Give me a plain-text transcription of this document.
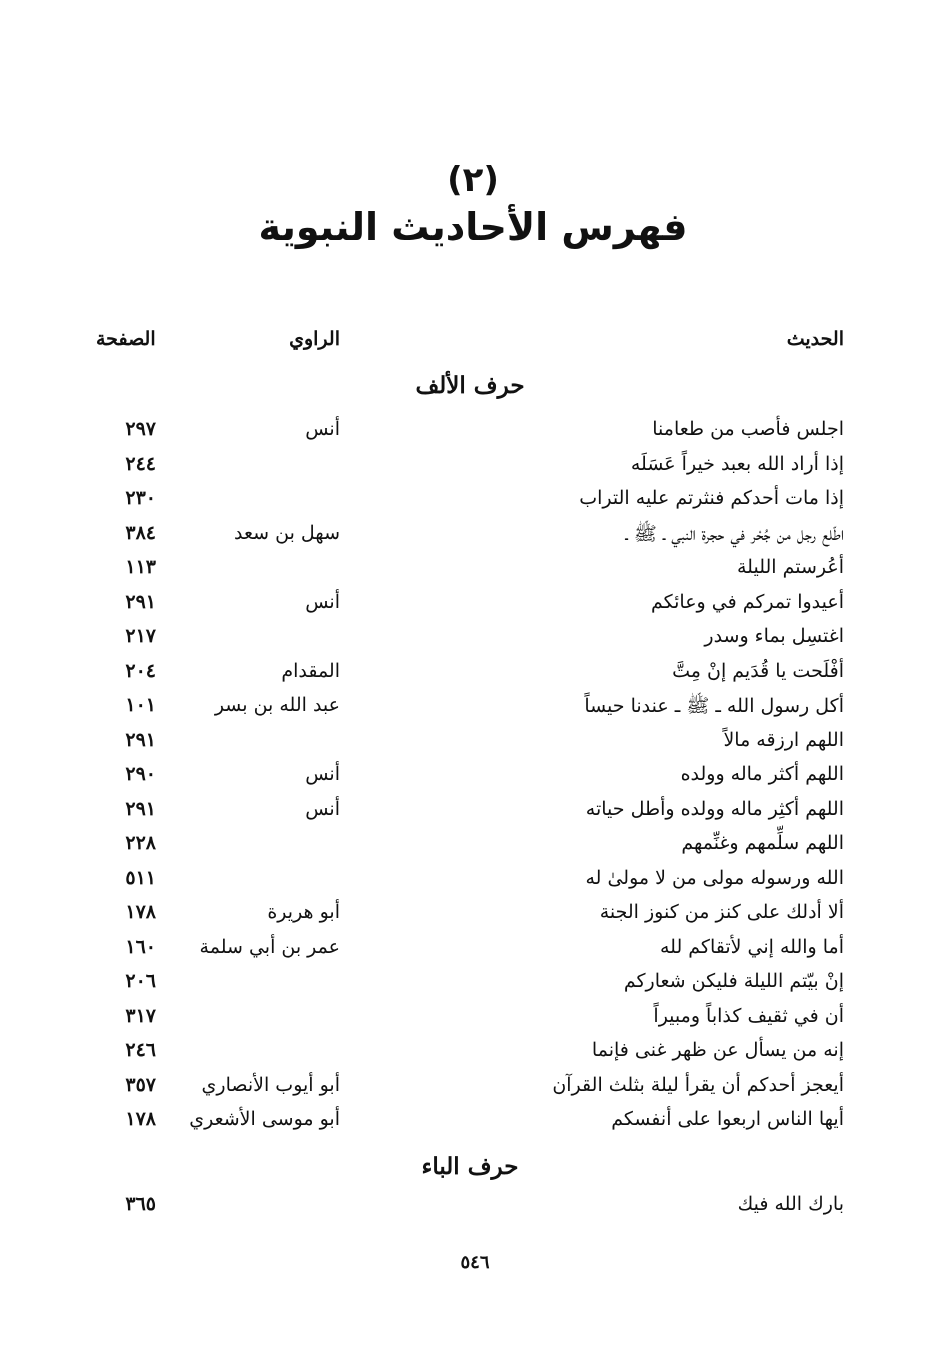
(٢)
فهرس الأحاديث النبوية
الحديث
الراوي
الصفحة
حرف الألف
اجلس فأصب من طعامنا
أنس
٢٩٧
إذا أراد الله بعبد خيراً عَسَلَه
٢٤٤
إذا مات أحدكم فنثرتم عليه التراب
٢٣٠
اطّلع رجل من جُحْر في حجرة النبي ـ ﷺ ـ
سهل بن سعد
٣٨٤
أعُرستم الليلة
١١٣
أعيدوا تمركم في وعائكم
أنس
٢٩١
اغتسِل بماء وسدر
٢١٧
أفْلَحت يا قُدَيم إنْ مِتَّ
المقدام
٢٠٤
أكل رسول الله ـ ﷺ ـ عندنا حيساً
عبد الله بن بسر
١٠١
اللهم ارزقه مالاً
٢٩١
اللهم أكثر ماله وولده
أنس
٢٩٠
اللهم أكثِر ماله وولده وأطل حياته
أنس
٢٩١
اللهم سلِّمهم وغنِّمهم
٢٢٨
الله ورسوله مولى من لا مولىٰ له
٥١١
ألا أدلك على كنز من كنوز الجنة
أبو هريرة
١٧٨
أما والله إني لأتقاكم لله
عمر بن أبي سلمة
١٦٠
إنْ بيّتم الليلة فليكن شعاركم
٢٠٦
أن في ثقيف كذاباً ومبيراً
٣١٧
إنه من يسأل عن ظهر غنى فإنما
٢٤٦
أيعجز أحدكم أن يقرأ ليلة بثلث القرآن
أبو أيوب الأنصاري
٣٥٧
أيها الناس اربعوا على أنفسكم
أبو موسى الأشعري
١٧٨
حرف الباء
بارك الله فيك
٣٦٥
٥٤٦
